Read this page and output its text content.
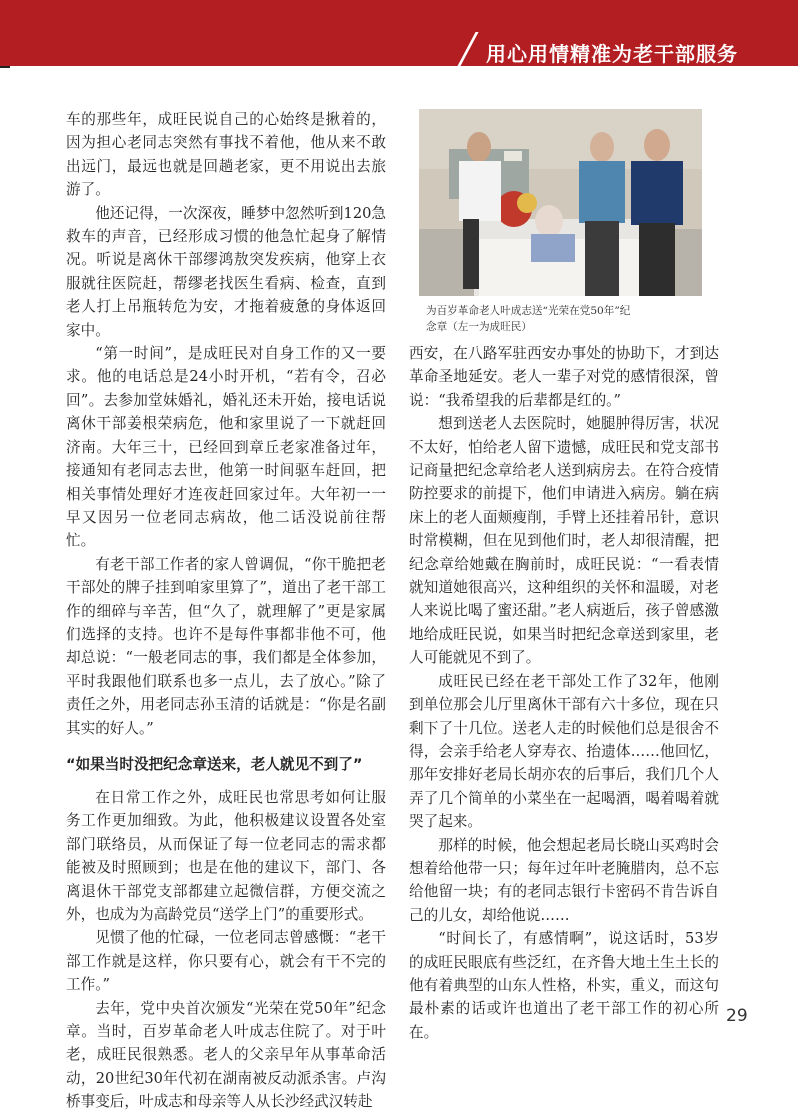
用心用情精准为老干部服务

车的那些年，成旺民说自己的心始终是揪着的，因为担心老同志突然有事找不着他，他从来不敢出远门，最远也就是回趟老家，更不用说出去旅游了。

他还记得，一次深夜，睡梦中忽然听到120急救车的声音，已经形成习惯的他急忙起身了解情况。听说是离休干部缪鸿敖突发疾病，他穿上衣服就往医院赶，帮缪老找医生看病、检查，直到老人打上吊瓶转危为安，才拖着疲惫的身体返回家中。

“第一时间”，是成旺民对自身工作的又一要求。他的电话总是24小时开机，“若有令，召必回”。去参加堂妹婚礼，婚礼还未开始，接电话说离休干部姜根荣病危，他和家里说了一下就赶回济南。大年三十，已经回到章丘老家准备过年，接通知有老同志去世，他第一时间驱车赶回，把相关事情处理好才连夜赶回家过年。大年初一一早又因另一位老同志病故，他二话没说前往帮忙。

有老干部工作者的家人曾调侃，“你干脆把老干部处的牌子挂到咱家里算了”，道出了老干部工作的细碎与辛苦，但“久了，就理解了”更是家属们选择的支持。也许不是每件事都非他不可，他却总说：“一般老同志的事，我们都是全体参加，平时我跟他们联系也多一点儿，去了放心。”除了责任之外，用老同志孙玉清的话就是：“你是名副其实的好人。”

“如果当时没把纪念章送来，老人就见不到了”

在日常工作之外，成旺民也常思考如何让服务工作更加细致。为此，他积极建议设置各处室部门联络员，从而保证了每一位老同志的需求都能被及时照顾到；也是在他的建议下，部门、各离退休干部党支部都建立起微信群，方便交流之外，也成为为高龄党员“送学上门”的重要形式。

见惯了他的忙碌，一位老同志曾感慨：“老干部工作就是这样，你只要有心，就会有干不完的工作。”

去年，党中央首次颁发“光荣在党50年”纪念章。当时，百岁革命老人叶成志住院了。对于叶老，成旺民很熟悉。老人的父亲早年从事革命活动，20世纪30年代初在湖南被反动派杀害。卢沟桥事变后，叶成志和母亲等人从长沙经武汉转赴

为百岁革命老人叶成志送“光荣在党50年”纪
念章（左一为成旺民）

西安，在八路军驻西安办事处的协助下，才到达革命圣地延安。老人一辈子对党的感情很深，曾说：“我希望我的后辈都是红的。”

想到送老人去医院时，她腿肿得厉害，状况不太好，怕给老人留下遗憾，成旺民和党支部书记商量把纪念章给老人送到病房去。在符合疫情防控要求的前提下，他们申请进入病房。躺在病床上的老人面颊瘦削，手臂上还挂着吊针，意识时常模糊，但在见到他们时，老人却很清醒，把纪念章给她戴在胸前时，成旺民说：“一看表情就知道她很高兴，这种组织的关怀和温暖，对老人来说比喝了蜜还甜。”老人病逝后，孩子曾感激地给成旺民说，如果当时把纪念章送到家里，老人可能就见不到了。

成旺民已经在老干部处工作了32年，他刚到单位那会儿厅里离休干部有六十多位，现在只剩下了十几位。送老人走的时候他们总是很舍不得，会亲手给老人穿寿衣、抬遗体……他回忆，那年安排好老局长胡亦农的后事后，我们几个人弄了几个简单的小菜坐在一起喝酒，喝着喝着就哭了起来。

那样的时候，他会想起老局长晓山买鸡时会想着给他带一只；每年过年叶老腌腊肉，总不忘给他留一块；有的老同志银行卡密码不肯告诉自己的儿女，却给他说……

“时间长了，有感情啊”，说这话时，53岁的成旺民眼底有些泛红，在齐鲁大地土生土长的他有着典型的山东人性格，朴实，重义，而这句最朴素的话或许也道出了老干部工作的初心所在。

29
